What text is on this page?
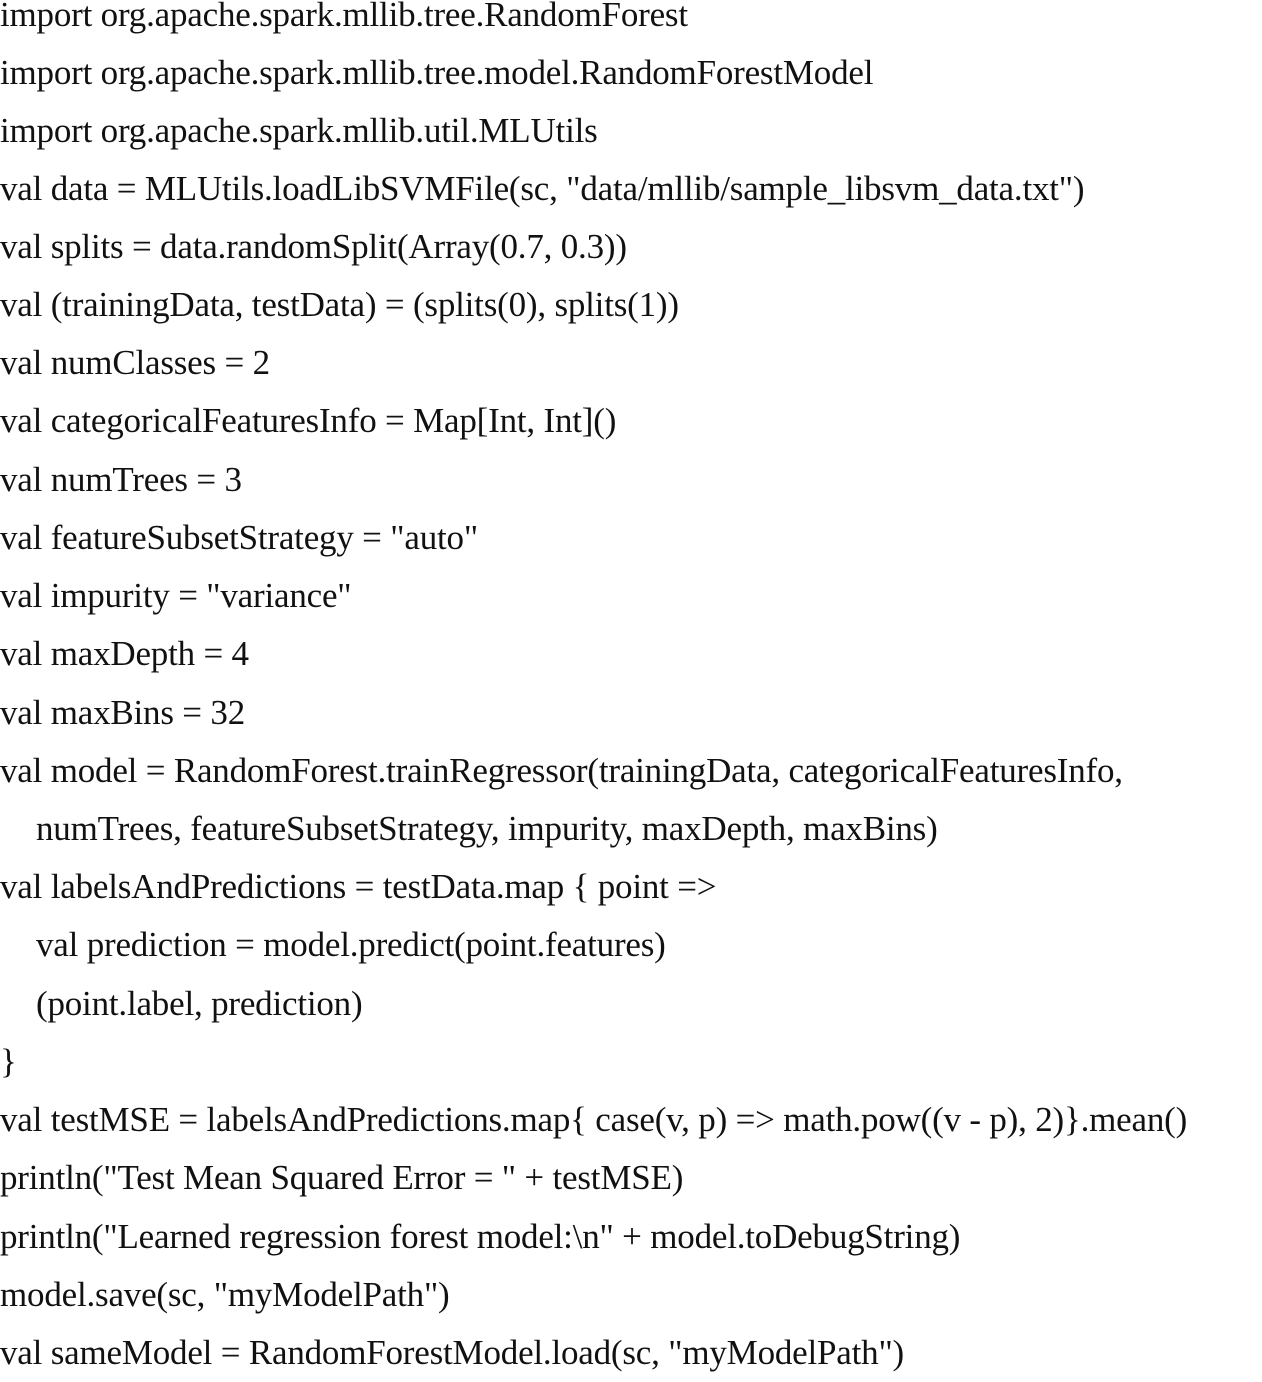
import org.apache.spark.mllib.tree.RandomForest
import org.apache.spark.mllib.tree.model.RandomForestModel
import org.apache.spark.mllib.util.MLUtils
val data = MLUtils.loadLibSVMFile(sc, "data/mllib/sample_libsvm_data.txt")
val splits = data.randomSplit(Array(0.7, 0.3))
val (trainingData, testData) = (splits(0), splits(1))
val numClasses = 2
val categoricalFeaturesInfo = Map[Int, Int]()
val numTrees = 3
val featureSubsetStrategy = "auto"
val impurity = "variance"
val maxDepth = 4
val maxBins = 32
val model = RandomForest.trainRegressor(trainingData, categoricalFeaturesInfo,
numTrees, featureSubsetStrategy, impurity, maxDepth, maxBins)
val labelsAndPredictions = testData.map { point =>
val prediction = model.predict(point.features)
(point.label, prediction)
}
val testMSE = labelsAndPredictions.map{ case(v, p) => math.pow((v - p), 2)}.mean()
println("Test Mean Squared Error = " + testMSE)
println("Learned regression forest model:\n" + model.toDebugString)
model.save(sc, "myModelPath")
val sameModel = RandomForestModel.load(sc, "myModelPath")
